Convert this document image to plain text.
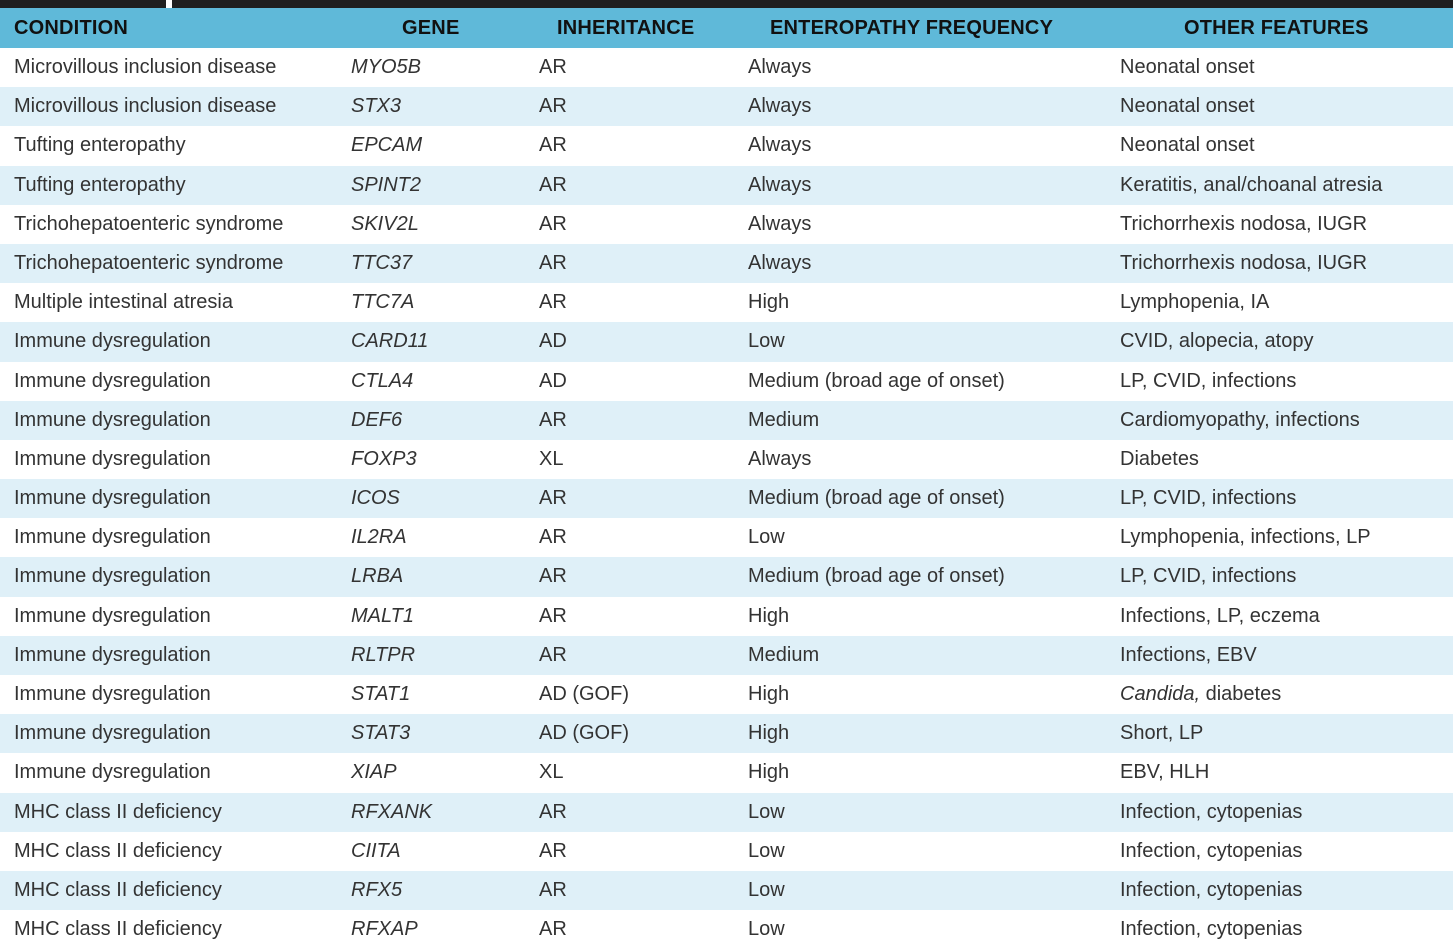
CONDITION	GENE	INHERITANCE	ENTEROPATHY FREQUENCY	OTHER FEATURES
Microvillous inclusion disease	MYO5B	AR	Always	Neonatal onset
Microvillous inclusion disease	STX3	AR	Always	Neonatal onset
Tufting enteropathy	EPCAM	AR	Always	Neonatal onset
Tufting enteropathy	SPINT2	AR	Always	Keratitis, anal/choanal atresia
Trichohepatoenteric syndrome	SKIV2L	AR	Always	Trichorrhexis nodosa, IUGR
Trichohepatoenteric syndrome	TTC37	AR	Always	Trichorrhexis nodosa, IUGR
Multiple intestinal atresia	TTC7A	AR	High	Lymphopenia, IA
Immune dysregulation	CARD11	AD	Low	CVID, alopecia, atopy
Immune dysregulation	CTLA4	AD	Medium (broad age of onset)	LP, CVID, infections
Immune dysregulation	DEF6	AR	Medium	Cardiomyopathy, infections
Immune dysregulation	FOXP3	XL	Always	Diabetes
Immune dysregulation	ICOS	AR	Medium (broad age of onset)	LP, CVID, infections
Immune dysregulation	IL2RA	AR	Low	Lymphopenia, infections, LP
Immune dysregulation	LRBA	AR	Medium (broad age of onset)	LP, CVID, infections
Immune dysregulation	MALT1	AR	High	Infections, LP, eczema
Immune dysregulation	RLTPR	AR	Medium	Infections, EBV
Immune dysregulation	STAT1	AD (GOF)	High	Candida, diabetes
Immune dysregulation	STAT3	AD (GOF)	High	Short, LP
Immune dysregulation	XIAP	XL	High	EBV, HLH
MHC class II deficiency	RFXANK	AR	Low	Infection, cytopenias
MHC class II deficiency	CIITA	AR	Low	Infection, cytopenias
MHC class II deficiency	RFX5	AR	Low	Infection, cytopenias
MHC class II deficiency	RFXAP	AR	Low	Infection, cytopenias
